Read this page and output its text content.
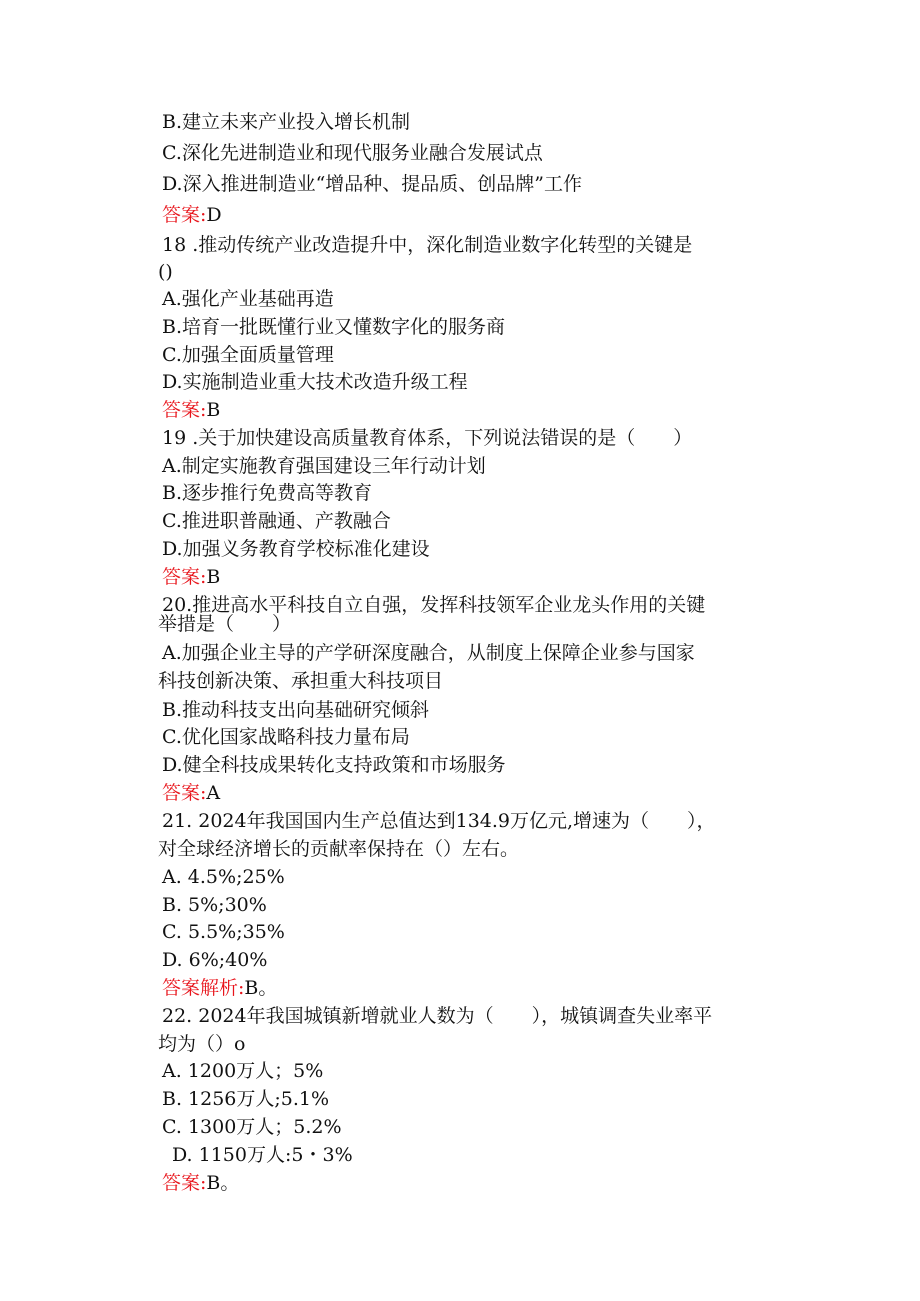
B.建立未来产业投入增长机制
C.深化先进制造业和现代服务业融合发展试点
D.深入推进制造业“增品种、提品质、创品牌”工作
答案:D
18 .推动传统产业改造提升中，深化制造业数字化转型的关键是
()
A.强化产业基础再造
B.培育一批既懂行业又懂数字化的服务商
C.加强全面质量管理
D.实施制造业重大技术改造升级工程
答案:B
19 .关于加快建设高质量教育体系，下列说法错误的是（　　）
A.制定实施教育强国建设三年行动计划
B.逐步推行免费高等教育
C.推进职普融通、产教融合
D.加强义务教育学校标准化建设
答案:B
20.推进高水平科技自立自强，发挥科技领军企业龙头作用的关键
举措是（　　）
A.加强企业主导的产学研深度融合，从制度上保障企业参与国家
科技创新决策、承担重大科技项目
B.推动科技支出向基础研究倾斜
C.优化国家战略科技力量布局
D.健全科技成果转化支持政策和市场服务
答案:A
21. 2024年我国国内生产总值达到134.9万亿元,增速为（　　），
对全球经济增长的贡献率保持在（）左右。
A. 4.5%;25%
B. 5%;30%
C. 5.5%;35%
D. 6%;40%
答案解析:B。
22. 2024年我国城镇新增就业人数为（　　），城镇调查失业率平
均为（）o
A. 1200万人；5%
B. 1256万人;5.1%
C. 1300万人；5.2%
D. 1150万人:5・3%
答案:B。
